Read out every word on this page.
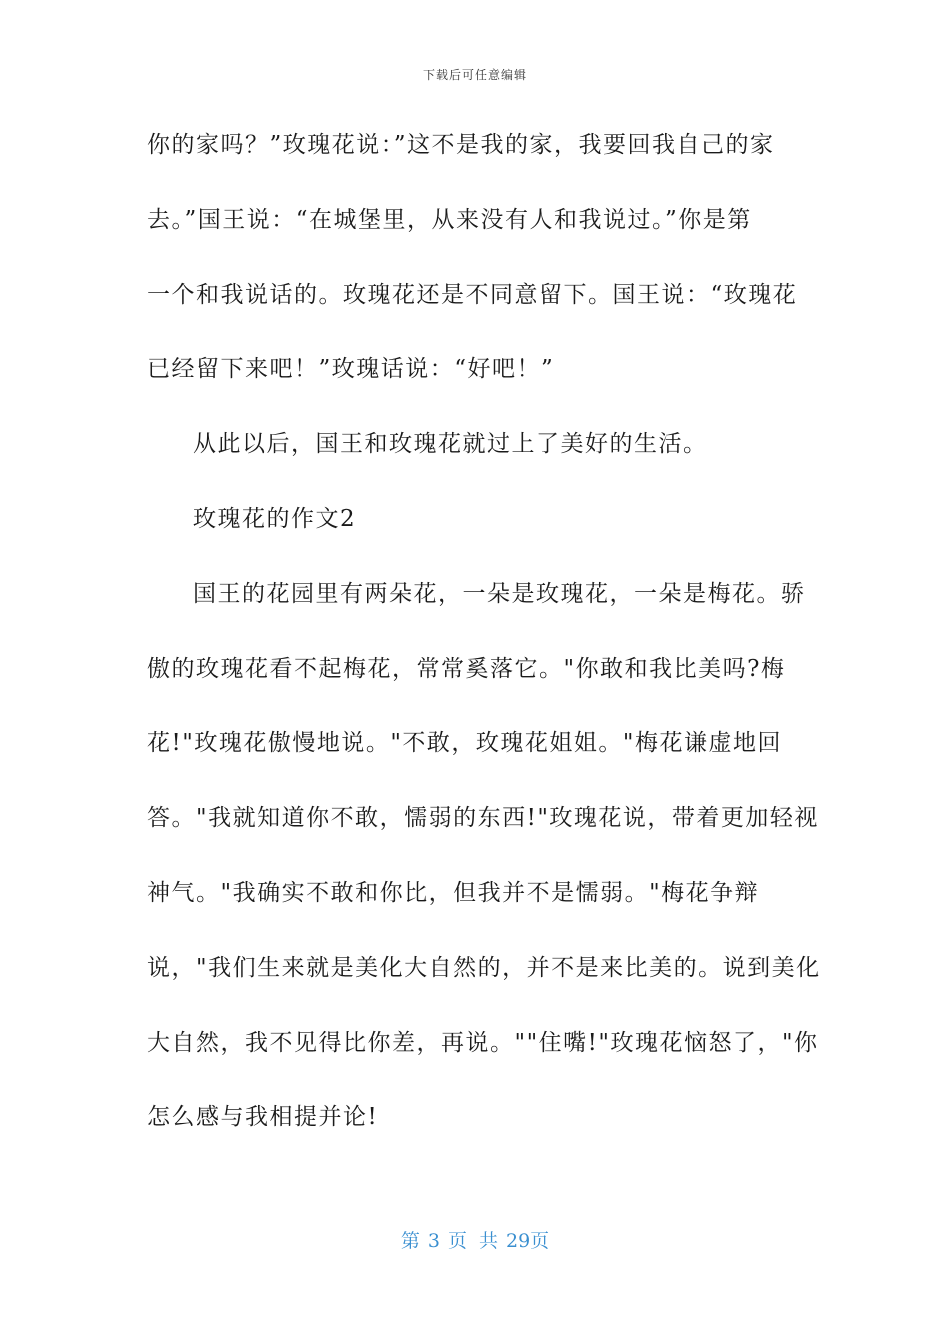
下载后可任意编辑
你的家吗？”玫瑰花说：”这不是我的家，我要回我自己的家
去。”国王说：“在城堡里，从来没有人和我说过。”你是第
一个和我说话的。玫瑰花还是不同意留下。国王说：“玫瑰花
已经留下来吧！”玫瑰话说：“好吧！”
从此以后，国王和玫瑰花就过上了美好的生活。
玫瑰花的作文2
国王的花园里有两朵花，一朵是玫瑰花，一朵是梅花。骄
傲的玫瑰花看不起梅花，常常奚落它。"你敢和我比美吗?梅
花!"玫瑰花傲慢地说。"不敢，玫瑰花姐姐。"梅花谦虚地回
答。"我就知道你不敢，懦弱的东西!"玫瑰花说，带着更加轻视
神气。"我确实不敢和你比，但我并不是懦弱。"梅花争辩
说，"我们生来就是美化大自然的，并不是来比美的。说到美化
大自然，我不见得比你差，再说。""住嘴!"玫瑰花恼怒了，"你
怎么感与我相提并论!
第 3 页 共 29页
